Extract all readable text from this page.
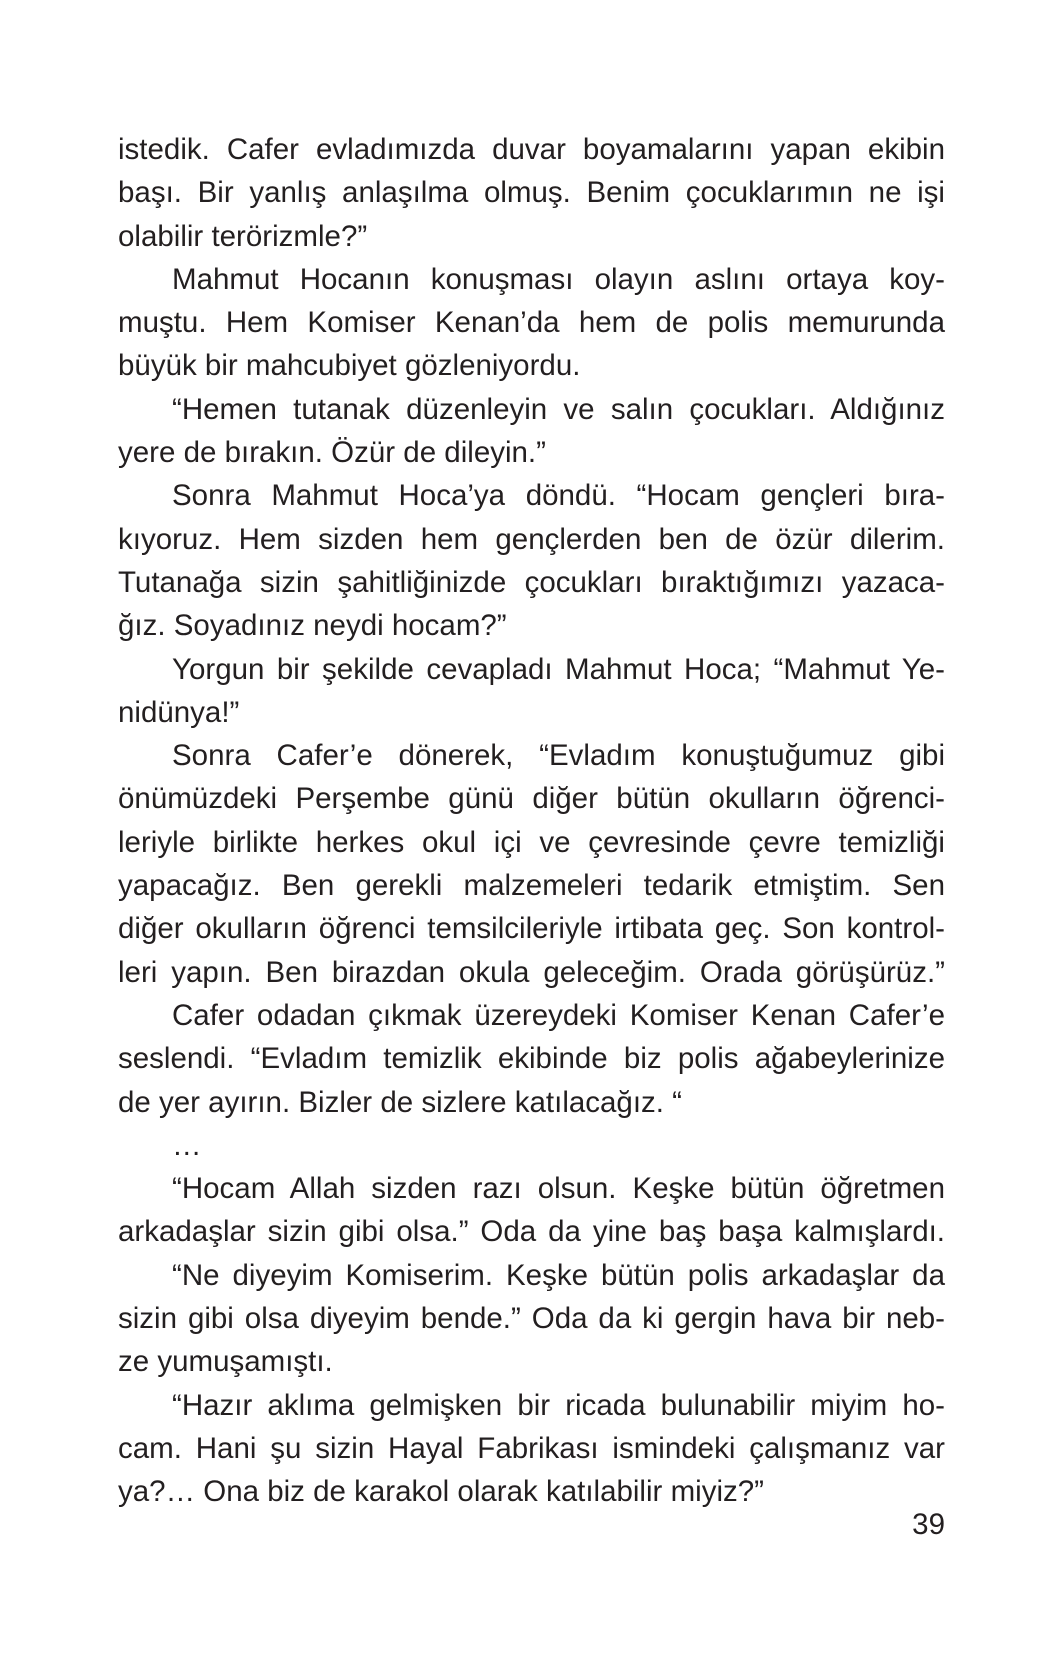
istedik. Cafer evladımızda duvar boyamalarını yapan ekibin
başı. Bir yanlış anlaşılma olmuş. Benim çocuklarımın ne işi
olabilir terörizmle?”
Mahmut Hocanın konuşması olayın aslını ortaya koy-
muştu. Hem Komiser Kenan’da hem de polis memurunda
büyük bir mahcubiyet gözleniyordu.
“Hemen tutanak düzenleyin ve salın çocukları. Aldığınız
yere de bırakın. Özür de dileyin.”
Sonra Mahmut Hoca’ya döndü. “Hocam gençleri bıra-
kıyoruz. Hem sizden hem gençlerden ben de özür dilerim.
Tutanağa sizin şahitliğinizde çocukları bıraktığımızı yazaca-
ğız. Soyadınız neydi hocam?”
Yorgun bir şekilde cevapladı Mahmut Hoca; “Mahmut Ye-
nidünya!”
Sonra Cafer’e dönerek, “Evladım konuştuğumuz gibi
önümüzdeki Perşembe günü diğer bütün okulların öğrenci-
leriyle birlikte herkes okul içi ve çevresinde çevre temizliği
yapacağız. Ben gerekli malzemeleri tedarik etmiştim. Sen
diğer okulların öğrenci temsilcileriyle irtibata geç. Son kontrol-
leri yapın. Ben birazdan okula geleceğim. Orada görüşürüz.”
Cafer odadan çıkmak üzereydeki Komiser Kenan Cafer’e
seslendi. “Evladım temizlik ekibinde biz polis ağabeylerinize
de yer ayırın. Bizler de sizlere katılacağız. “
…
“Hocam Allah sizden razı olsun. Keşke bütün öğretmen
arkadaşlar sizin gibi olsa.” Oda da yine baş başa kalmışlardı.
“Ne diyeyim Komiserim. Keşke bütün polis arkadaşlar da
sizin gibi olsa diyeyim bende.” Oda da ki gergin hava bir neb-
ze yumuşamıştı.
“Hazır aklıma gelmişken bir ricada bulunabilir miyim ho-
cam. Hani şu sizin Hayal Fabrikası ismindeki çalışmanız var
ya?… Ona biz de karakol olarak katılabilir miyiz?”
39
